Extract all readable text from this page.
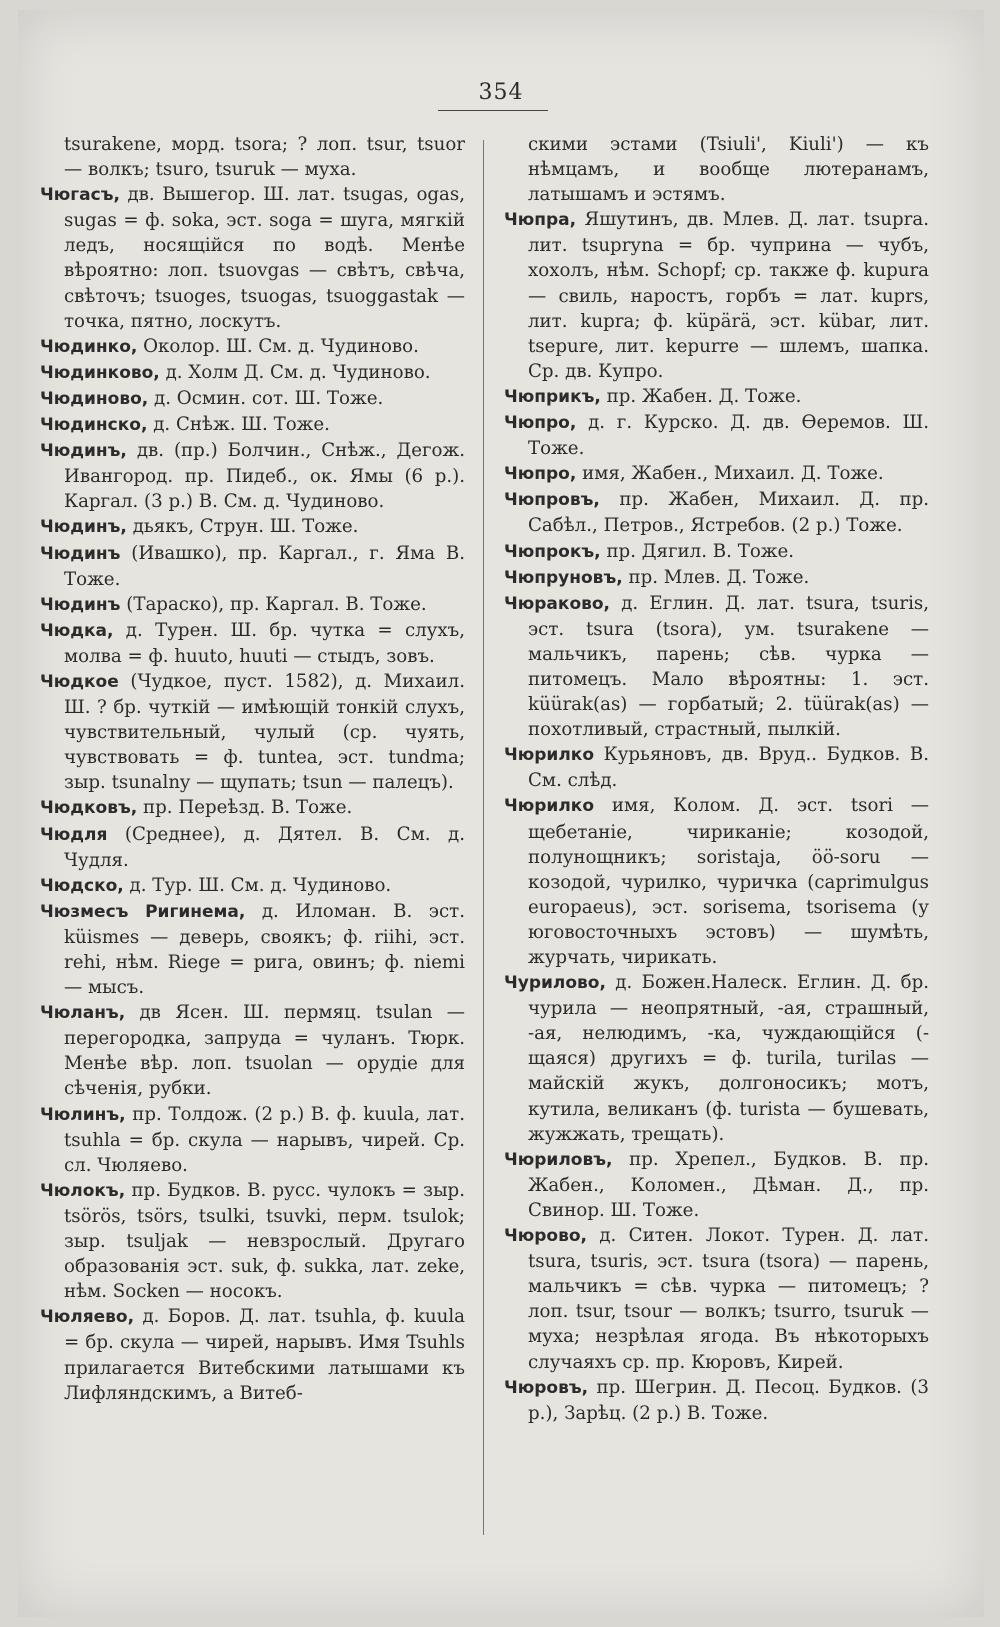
354

tsurakene, морд. tsora; ? лоп. tsur, tsuor — волкъ; tsuro, tsuruk — муха.

Чюгасъ, дв. Вышегор. Ш. лат. tsugas, ogas, sugas = ф. soka, эст. soga = шуга, мягкій ледъ, носящійся по водѣ. Менѣе вѣроятно: лоп. tsuovgas — свѣтъ, свѣча, свѣточъ; tsuoges, tsuogas, tsuoggastak — точка, пятно, лоскутъ.

Чюдинко, Околор. Ш. См. д. Чудиново.

Чюдинково, д. Холм Д. См. д. Чудиново.

Чюдиново, д. Осмин. сот. Ш. Тоже.

Чюдинско, д. Снѣж. Ш. Тоже.

Чюдинъ, дв. (пр.) Болчин., Снѣж., Дегож. Ивангород. пр. Пидеб., ок. Ямы (6 р.). Каргал. (3 р.) В. См. д. Чудиново.

Чюдинъ, дьякъ, Струн. Ш. Тоже.

Чюдинъ (Ивашко), пр. Каргал., г. Яма В. Тоже.

Чюдинъ (Тараско), пр. Каргал. В. Тоже.

Чюдка, д. Турен. Ш. бр. чутка = слухъ, молва = ф. huuto, huuti — стыдъ, зовъ.

Чюдкое (Чудкое, пуст. 1582), д. Михаил. Ш. ? бр. чуткій — имѣющій тонкій слухъ, чувствительный, чулый (ср. чуять, чувствовать = ф. tuntea, эст. tundma; зыр. tsunalny — щупать; tsun — палецъ).

Чюдковъ, пр. Переѣзд. В. Тоже.

Чюдля (Среднее), д. Дятел. В. См. д. Чудля.

Чюдско, д. Тур. Ш. См. д. Чудиново.

Чюзмесъ Ригинема, д. Иломан. В. эст. küismes — деверь, своякъ; ф. riihi, эст. rehi, нѣм. Riege = рига, овинъ; ф. niemi — мысъ.

Чюланъ, дв Ясен. Ш. пермяц. tsulan — перегородка, запруда = чуланъ. Тюрк. Менѣе вѣр. лоп. tsuolan — орудіе для сѣченія, рубки.

Чюлинъ, пр. Толдож. (2 р.) В. ф. kuula, лат. tsuhla = бр. скула — нарывъ, чирей. Ср. сл. Чюляево.

Чюлокъ, пр. Будков. В. русс. чулокъ = зыр. tsörös, tsörs, tsulki, tsuvki, перм. tsulok; зыр. tsuljak — невзрослый. Другаго образованія эст. suk, ф. sukka, лат. zeke, нѣм. Socken — носокъ.

Чюляево, д. Боров. Д. лат. tsuhla, ф. kuula = бр. скула — чирей, нарывъ. Имя Tsuhls прилагается Витебскими латышами къ Лифляндскимъ, а Витеб-

скими эстами (Tsiuli', Kiuli') — къ нѣмцамъ, и вообще лютеранамъ, латышамъ и эстямъ.

Чюпра, Яшутинъ, дв. Млев. Д. лат. tsupra. лит. tsuprуna = бр. чуприна — чубъ, хохолъ, нѣм. Schopf; ср. также ф. kupura — свиль, наростъ, горбъ = лат. kuprs, лит. kupra; ф. küpärä, эст. kübar, лит. tsepure, лит. kepurre — шлемъ, шапка. Ср. дв. Купро.

Чюприкъ, пр. Жабен. Д. Тоже.

Чюпро, д. г. Курско. Д. дв. Өеремов. Ш. Тоже.

Чюпро, имя, Жабен., Михаил. Д. Тоже.

Чюпровъ, пр. Жабен, Михаил. Д. пр. Сабѣл., Петров., Ястребов. (2 р.) Тоже.

Чюпрокъ, пр. Дягил. В. Тоже.

Чюпруновъ, пр. Млев. Д. Тоже.

Чюраково, д. Еглин. Д. лат. tsura, tsuris, эст. tsura (tsora), ум. tsurakene — мальчикъ, парень; сѣв. чурка — питомецъ. Мало вѣроятны: 1. эст. küürak(as) — горбатый; 2. tüürak(as) — похотливый, страстный, пылкій.

Чюрилко Курьяновъ, дв. Вруд.. Будков. В. См. слѣд.

Чюрилко имя, Колом. Д. эст. tsori — щебетаніе, чириканіе; козодой, полунощникъ; soristaja, öö-soru — козодой, чурилко, чуричка (caprimulgus europaeus), эст. sorisema, tsorisema (у юговосточныхъ эстовъ) — шумѣть, журчать, чирикать.

Чурилово, д. Божен.Налеск. Еглин. Д. бр. чурила — неопрятный, -ая, страшный, -ая, нелюдимъ, -ка, чуждающійся (-щаяся) другихъ = ф. turila, turilas — майскій жукъ, долгоносикъ; мотъ, кутила, великанъ (ф. turista — бушевать, жужжать, трещать).

Чюриловъ, пр. Хрепел., Будков. В. пр. Жабен., Коломен., Дѣман. Д., пр. Свинор. Ш. Тоже.

Чюрово, д. Ситен. Локот. Турен. Д. лат. tsura, tsuris, эст. tsura (tsora) — парень, мальчикъ = сѣв. чурка — питомецъ; ? лоп. tsur, tsour — волкъ; tsurro, tsuruk — муха; незрѣлая ягода. Въ нѣкоторыхъ случаяхъ ср. пр. Кюровъ, Кирей.

Чюровъ, пр. Шегрин. Д. Песоц. Будков. (3 р.), Зарѣц. (2 р.) В. Тоже.
